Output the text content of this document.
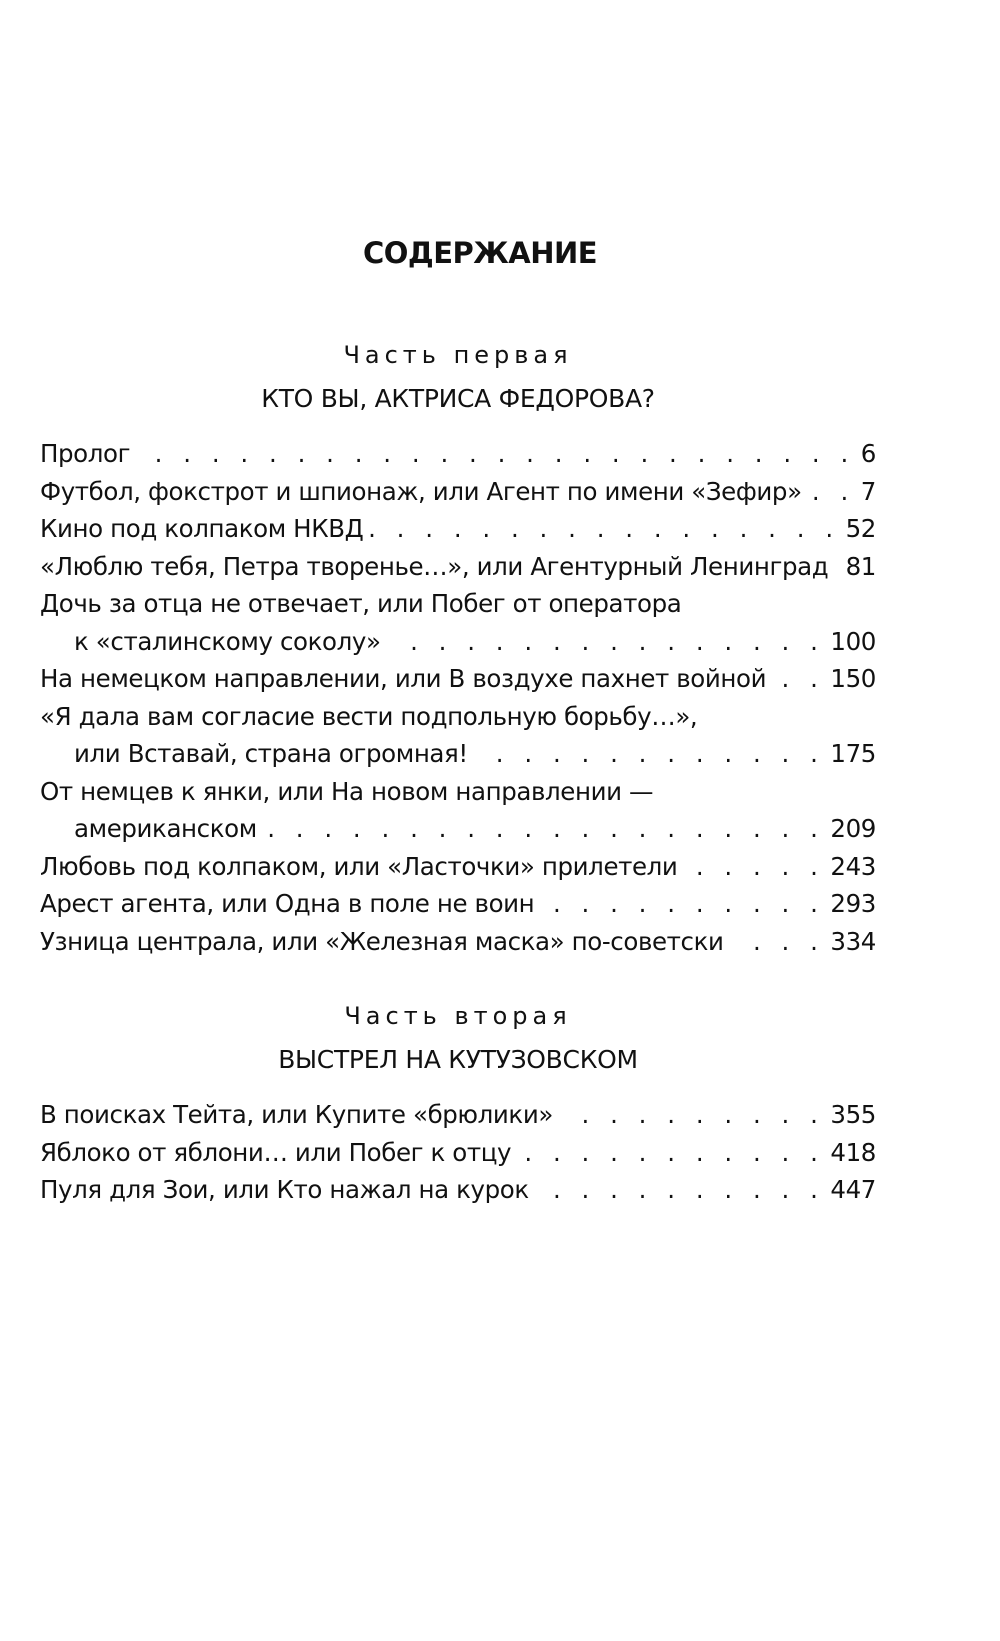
СОДЕРЖАНИЕ
Часть первая
КТО ВЫ, АКТРИСА ФЕДОРОВА?
Пролог . . .	6
Футбол, фокстрот и шпионаж, или Агент по имени «Зефир» . . . 7
Кино под колпаком НКВД . . .	52
«Люблю тебя, Петра творенье…», или Агентурный Ленинград . . . 81
Дочь за отца не отвечает, или Побег от оператора
к «сталинскому соколу» . . .	100
На немецком направлении, или В воздухе пахнет войной . . .	150
«Я дала вам согласие вести подпольную борьбу…»,
или Вставай, страна огромная! . . .	175
От немцев к янки, или На новом направлении —
американском . . .	209
Любовь под колпаком, или «Ласточки» прилетели . . .	243
Арест агента, или Одна в поле не воин . . .	293
Узница централа, или «Железная маска» по-советски . . .	334
Часть вторая
ВЫСТРЕЛ НА КУТУЗОВСКОМ
В поисках Тейта, или Купите «брюлики» . . .	355
Яблоко от яблони… или Побег к отцу . . .	418
Пуля для Зои, или Кто нажал на курок . . .	447
